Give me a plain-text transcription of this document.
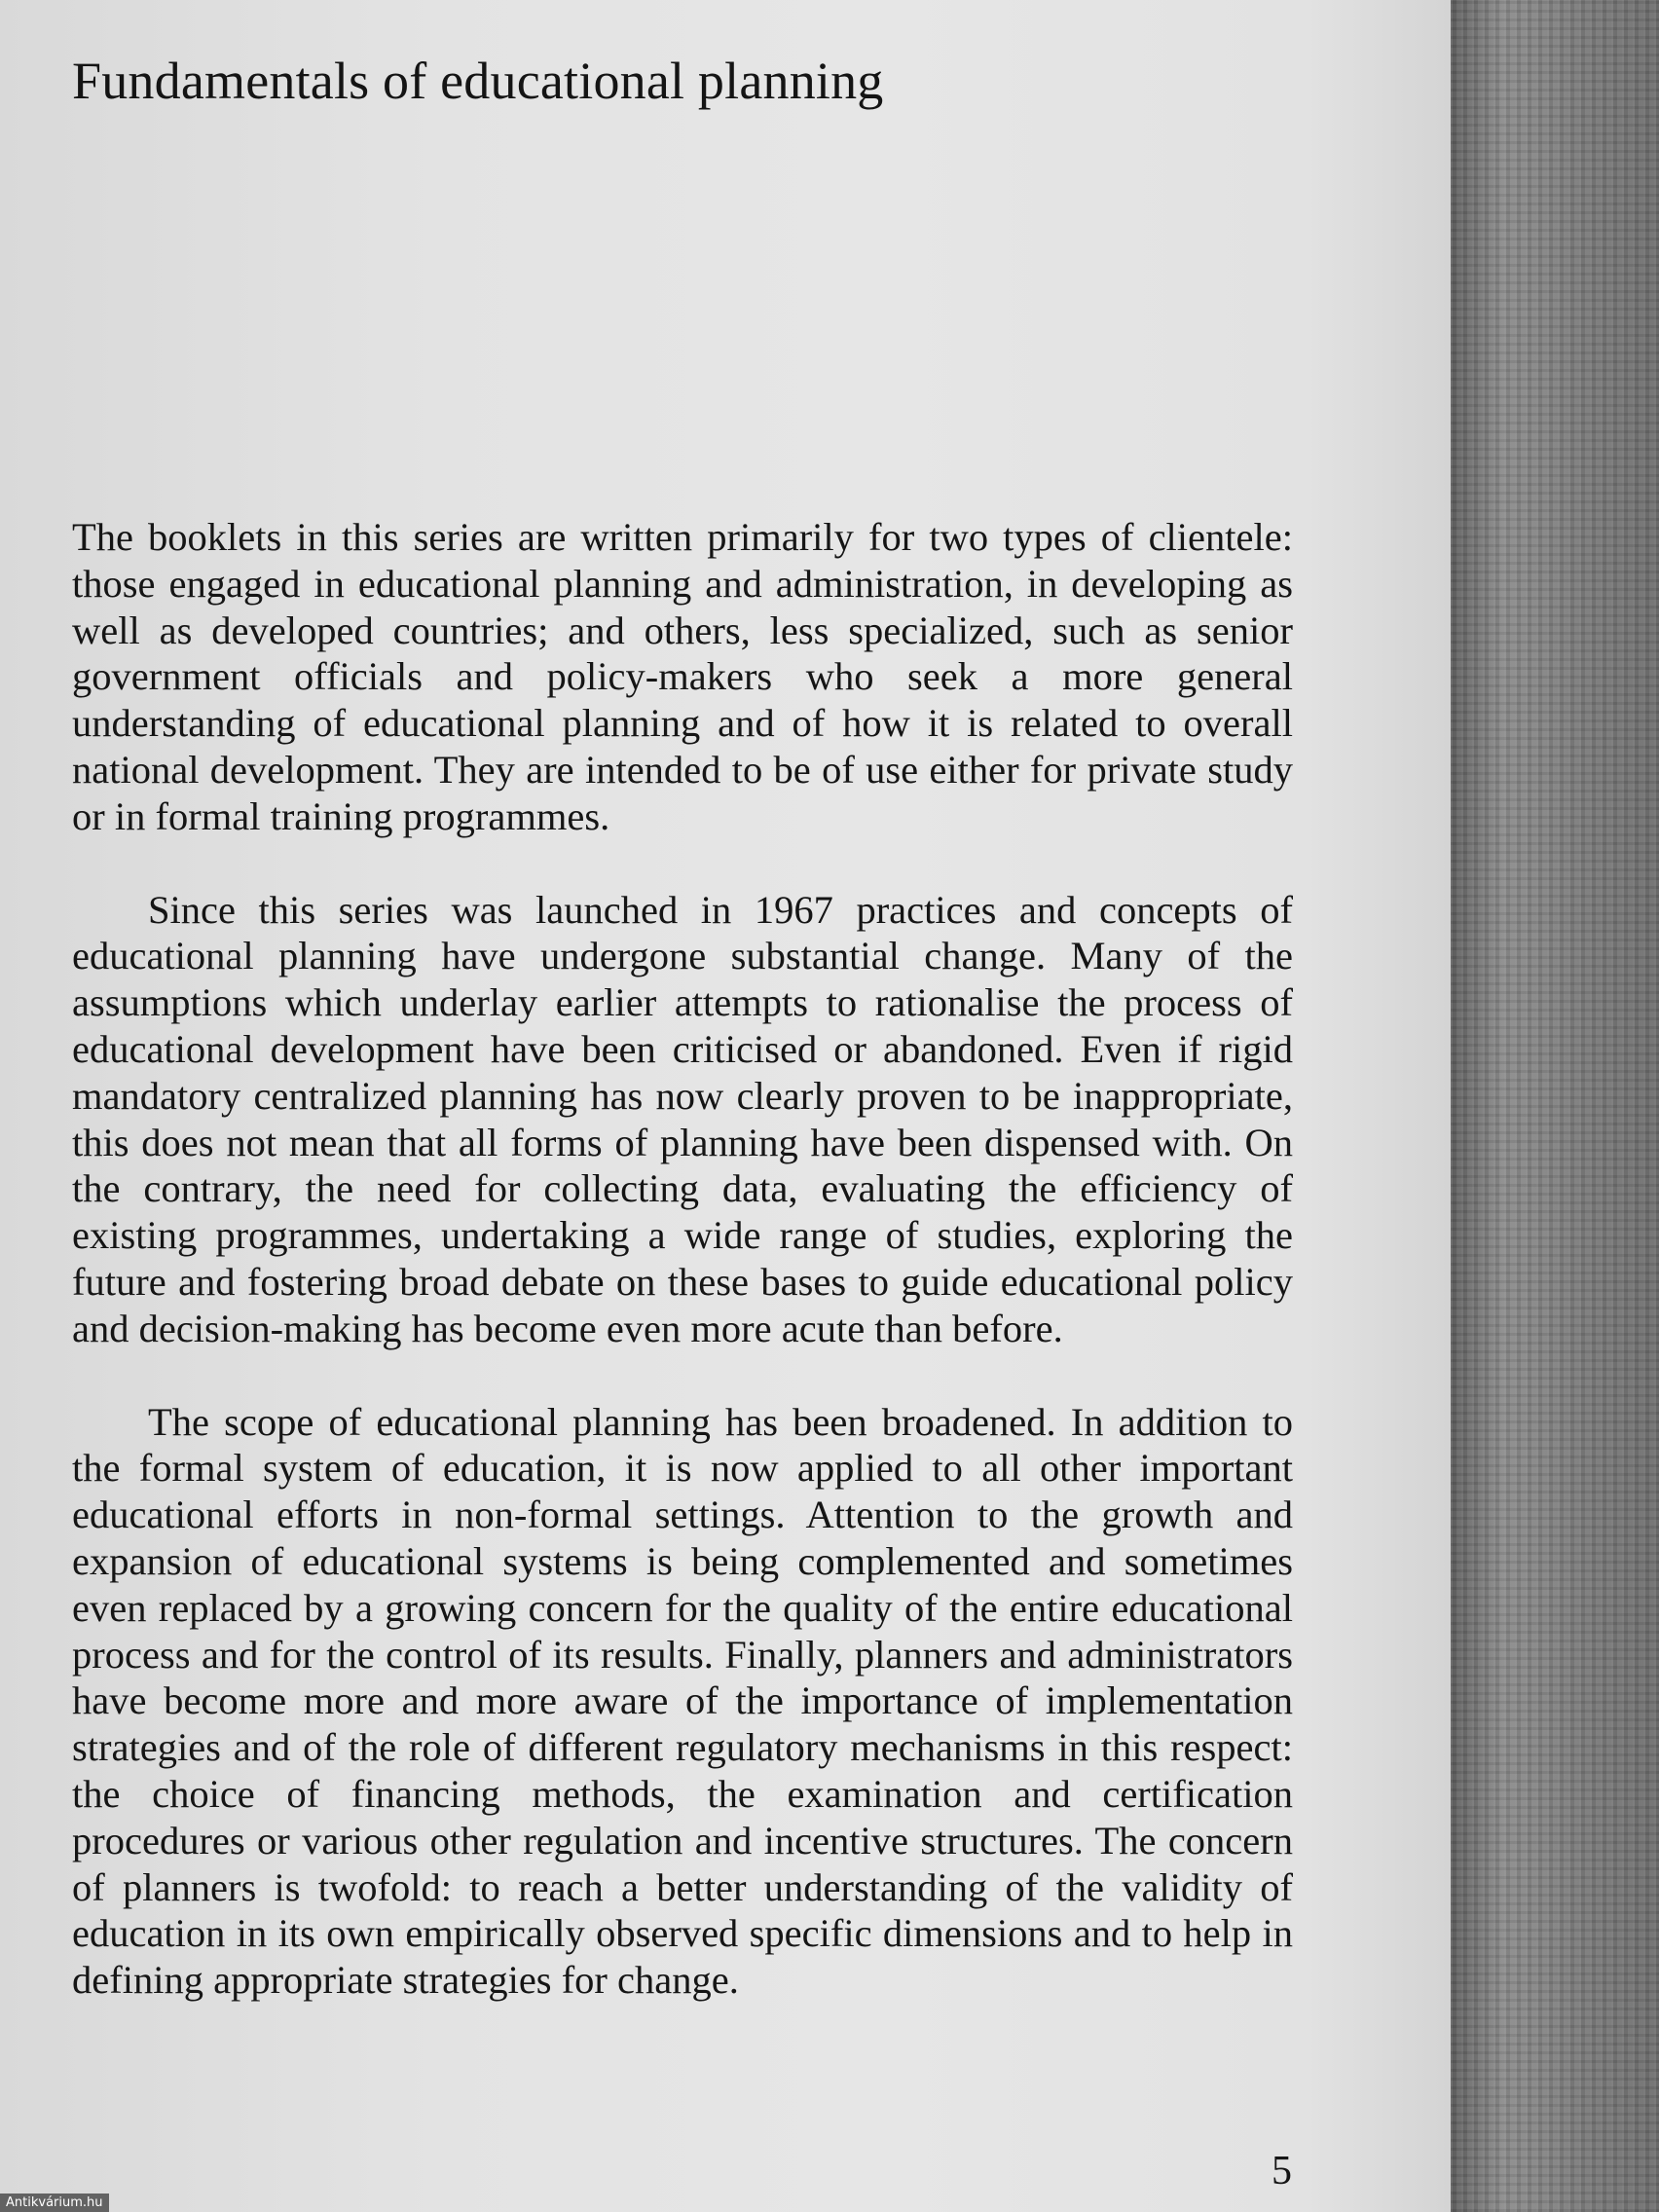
Fundamentals of educational planning

The booklets in this series are written primarily for two types of clientele: those engaged in educational planning and administration, in developing as well as developed countries; and others, less specialized, such as senior government officials and policy-makers who seek a more general understanding of educational planning and of how it is related to overall national development. They are intended to be of use either for private study or in formal training programmes.

Since this series was launched in 1967 practices and concepts of educational planning have undergone substantial change. Many of the assumptions which underlay earlier attempts to rationalise the process of educational development have been criticised or abandoned. Even if rigid mandatory centralized planning has now clearly proven to be inappropriate, this does not mean that all forms of planning have been dispensed with. On the contrary, the need for collecting data, evaluating the efficiency of existing programmes, undertaking a wide range of studies, exploring the future and fostering broad debate on these bases to guide educational policy and decision-making has become even more acute than before.

The scope of educational planning has been broadened. In addition to the formal system of education, it is now applied to all other important educational efforts in non-formal settings. Attention to the growth and expansion of educational systems is being complemented and sometimes even replaced by a growing concern for the quality of the entire educational process and for the control of its results. Finally, planners and administrators have become more and more aware of the importance of implementation strategies and of the role of different regulatory mechanisms in this respect: the choice of financing methods, the examination and certification procedures or various other regulation and incentive structures. The concern of planners is twofold: to reach a better understanding of the validity of education in its own empirically observed specific dimensions and to help in defining appropriate strategies for change.

5
Antikvárium.hu
